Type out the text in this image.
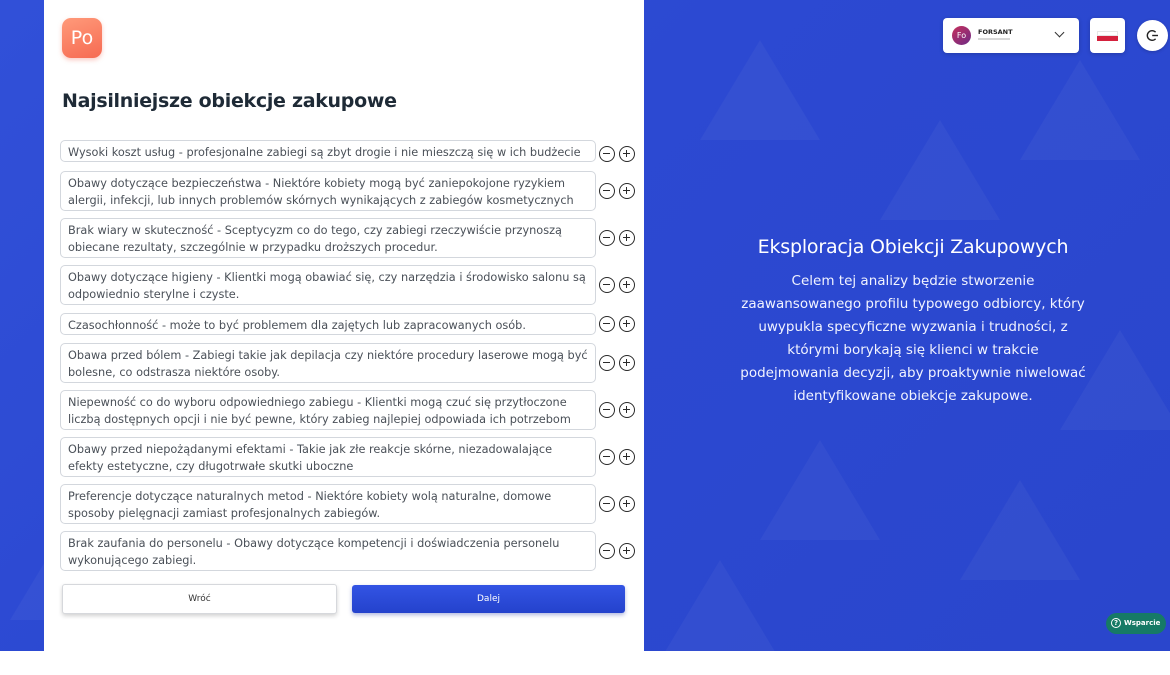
Po
Najsilniejsze obiekcje zakupowe
Wysoki koszt usług - profesjonalne zabiegi są zbyt drogie i nie mieszczą się w ich budżecie
Obawy dotyczące bezpieczeństwa - Niektóre kobiety mogą być zaniepokojone ryzykiem alergii, infekcji, lub innych problemów skórnych wynikających z zabiegów kosmetycznych
Brak wiary w skuteczność - Sceptycyzm co do tego, czy zabiegi rzeczywiście przynoszą obiecane rezultaty, szczególnie w przypadku droższych procedur.
Obawy dotyczące higieny - Klientki mogą obawiać się, czy narzędzia i środowisko salonu są odpowiednio sterylne i czyste.
Czasochłonność - może to być problemem dla zajętych lub zapracowanych osób.
Obawa przed bólem - Zabiegi takie jak depilacja czy niektóre procedury laserowe mogą być bolesne, co odstrasza niektóre osoby.
Niepewność co do wyboru odpowiedniego zabiegu - Klientki mogą czuć się przytłoczone liczbą dostępnych opcji i nie być pewne, który zabieg najlepiej odpowiada ich potrzebom
Obawy przed niepożądanymi efektami - Takie jak złe reakcje skórne, niezadowalające efekty estetyczne, czy długotrwałe skutki uboczne
Preferencje dotyczące naturalnych metod - Niektóre kobiety wolą naturalne, domowe sposoby pielęgnacji zamiast profesjonalnych zabiegów.
Brak zaufania do personelu - Obawy dotyczące kompetencji i doświadczenia personelu wykonującego zabiegi.
Wróć	Dalej
Eksploracja Obiekcji Zakupowych
Celem tej analizy będzie stworzenie zaawansowanego profilu typowego odbiorcy, który uwypukla specyficzne wyzwania i trudności, z którymi borykają się klienci w trakcie podejmowania decyzji, aby proaktywnie niwelować identyfikowane obiekcje zakupowe.
Fo	FORSANT
? Wsparcie
